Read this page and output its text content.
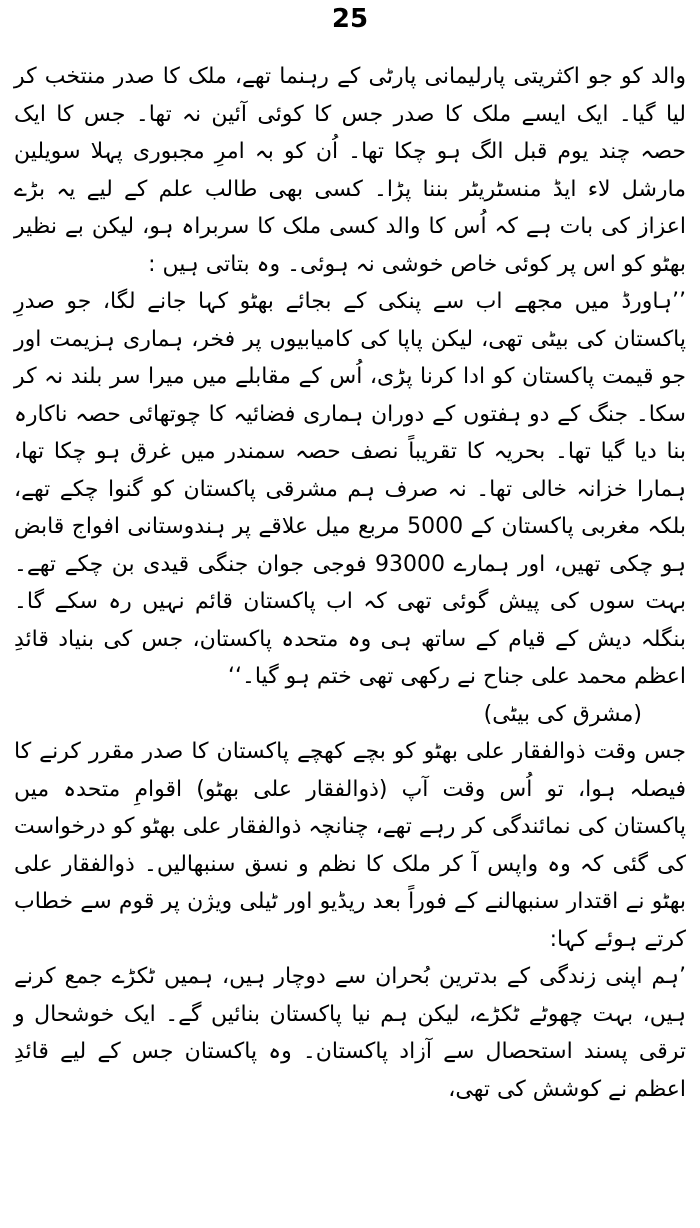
25

والد کو جو اکثریتی پارلیمانی پارٹی کے رہنما تھے، ملک کا صدر منتخب کر لیا گیا۔ ایک ایسے ملک کا صدر جس کا کوئی آئین نہ تھا۔ جس کا ایک حصہ چند یوم قبل الگ ہو چکا تھا۔ اُن کو بہ امرِ مجبوری پہلا سویلین مارشل لاء ایڈ منسٹریٹر بننا پڑا۔ کسی بھی طالب علم کے لیے یہ بڑے اعزاز کی بات ہے کہ اُس کا والد کسی ملک کا سربراہ ہو، لیکن بے نظیر بھٹو کو اس پر کوئی خاص خوشی نہ ہوئی۔ وہ بتاتی ہیں :

’’ہاورڈ میں مجھے اب سے پنکی کے بجائے بھٹو کہا جانے لگا، جو صدرِ پاکستان کی بیٹی تھی، لیکن پاپا کی کامیابیوں پر فخر، ہماری ہزیمت اور جو قیمت پاکستان کو ادا کرنا پڑی، اُس کے مقابلے میں میرا سر بلند نہ کر سکا۔ جنگ کے دو ہفتوں کے دوران ہماری فضائیہ کا چوتھائی حصہ ناکارہ بنا دیا گیا تھا۔ بحریہ کا تقریباً نصف حصہ سمندر میں غرق ہو چکا تھا، ہمارا خزانہ خالی تھا۔ نہ صرف ہم مشرقی پاکستان کو گنوا چکے تھے، بلکہ مغربی پاکستان کے 5000 مربع میل علاقے پر ہندوستانی افواج قابض ہو چکی تھیں، اور ہمارے 93000 فوجی جوان جنگی قیدی بن چکے تھے۔ بہت سوں کی پیش گوئی تھی کہ اب پاکستان قائم نہیں رہ سکے گا۔ بنگلہ دیش کے قیام کے ساتھ ہی وہ متحدہ پاکستان، جس کی بنیاد قائدِ اعظم محمد علی جناح نے رکھی تھی ختم ہو گیا۔‘‘

(مشرق کی بیٹی)

جس وقت ذوالفقار علی بھٹو کو بچے کھچے پاکستان کا صدر مقرر کرنے کا فیصلہ ہوا، تو اُس وقت آپ (ذوالفقار علی بھٹو) اقوامِ متحدہ میں پاکستان کی نمائندگی کر رہے تھے، چنانچہ ذوالفقار علی بھٹو کو درخواست کی گئی کہ وہ واپس آ کر ملک کا نظم و نسق سنبھالیں۔ ذوالفقار علی بھٹو نے اقتدار سنبھالنے کے فوراً بعد ریڈیو اور ٹیلی ویژن پر قوم سے خطاب کرتے ہوئے کہا:

’ہم اپنی زندگی کے بدترین بُحران سے دوچار ہیں، ہمیں ٹکڑے جمع کرنے ہیں، بہت چھوٹے ٹکڑے، لیکن ہم نیا پاکستان بنائیں گے۔ ایک خوشحال و ترقی پسند استحصال سے آزاد پاکستان۔ وہ پاکستان جس کے لیے قائدِ اعظم نے کوشش کی تھی،
